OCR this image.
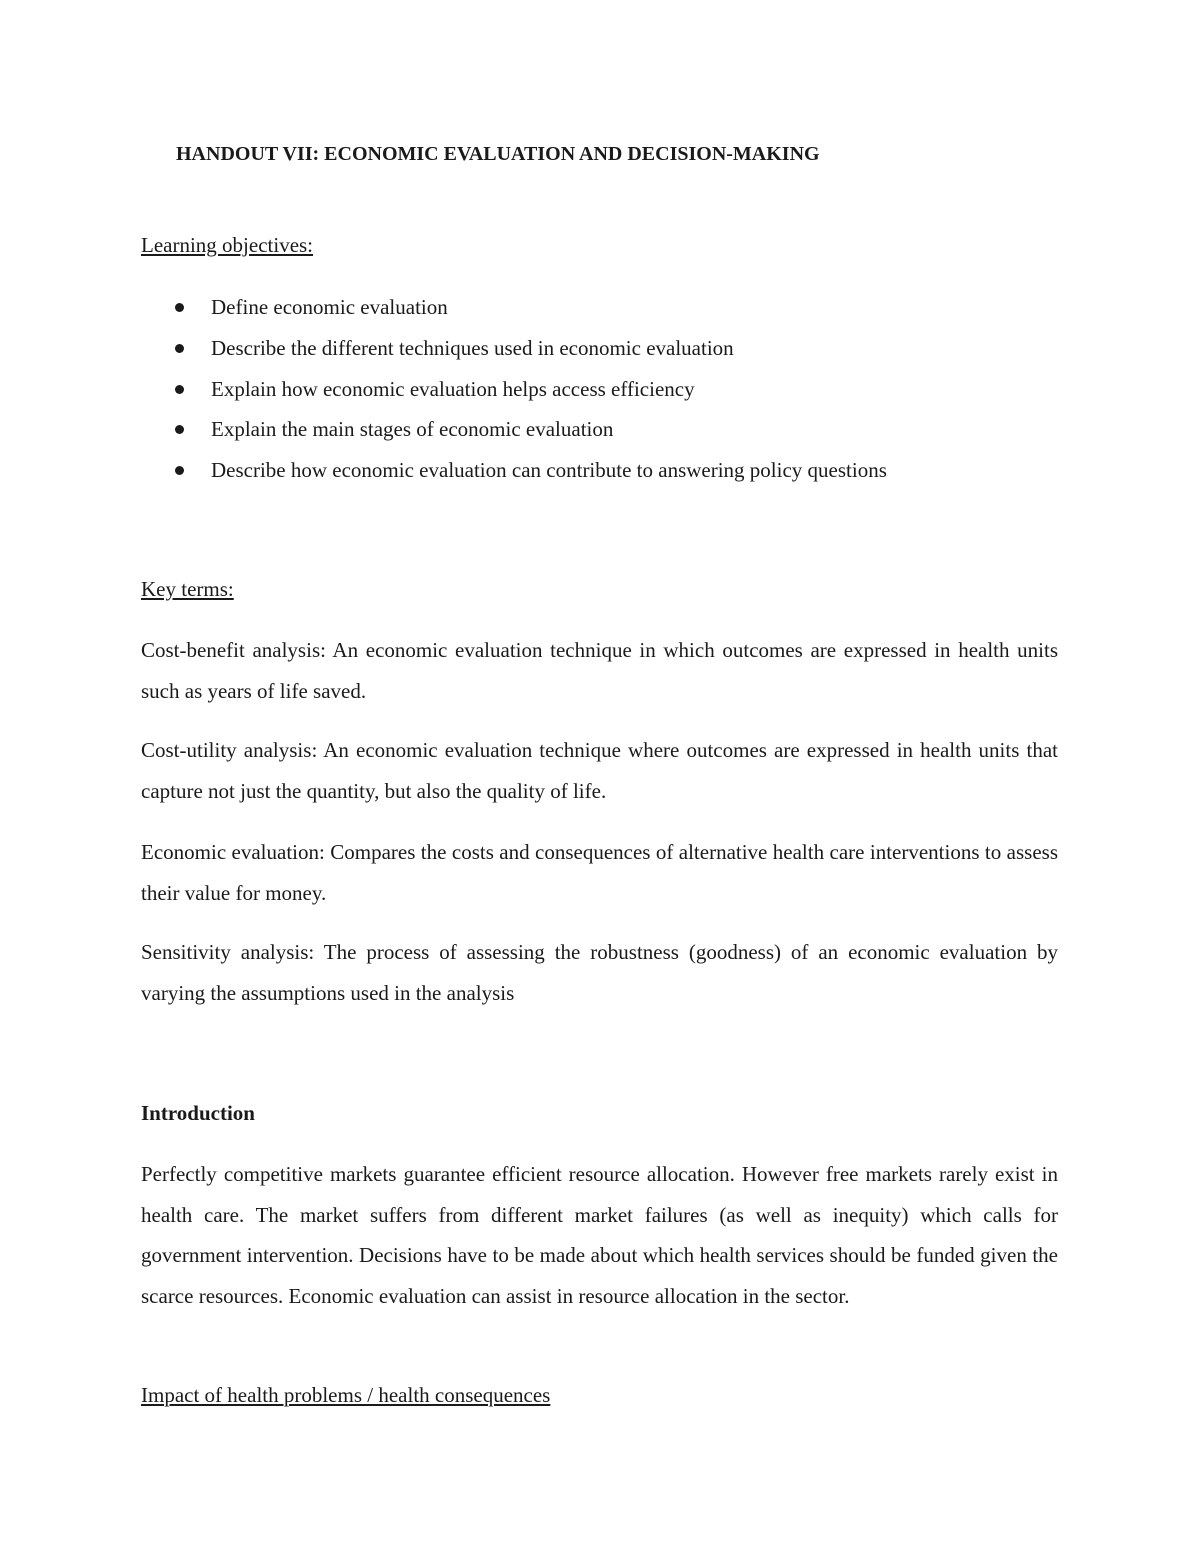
HANDOUT VII: ECONOMIC EVALUATION AND DECISION-MAKING

Learning objectives:

Define economic evaluation
Describe the different techniques used in economic evaluation
Explain how economic evaluation helps access efficiency
Explain the main stages of economic evaluation
Describe how economic evaluation can contribute to answering policy questions

Key terms:

Cost-benefit analysis: An economic evaluation technique in which outcomes are expressed in health units such as years of life saved.

Cost-utility analysis: An economic evaluation technique where outcomes are expressed in health units that capture not just the quantity, but also the quality of life.

Economic evaluation: Compares the costs and consequences of alternative health care interventions to assess their value for money.

Sensitivity analysis: The process of assessing the robustness (goodness) of an economic evaluation by varying the assumptions used in the analysis

Introduction

Perfectly competitive markets guarantee efficient resource allocation. However free markets rarely exist in health care. The market suffers from different market failures (as well as inequity) which calls for government intervention. Decisions have to be made about which health services should be funded given the scarce resources. Economic evaluation can assist in resource allocation in the sector.

Impact of health problems / health consequences
